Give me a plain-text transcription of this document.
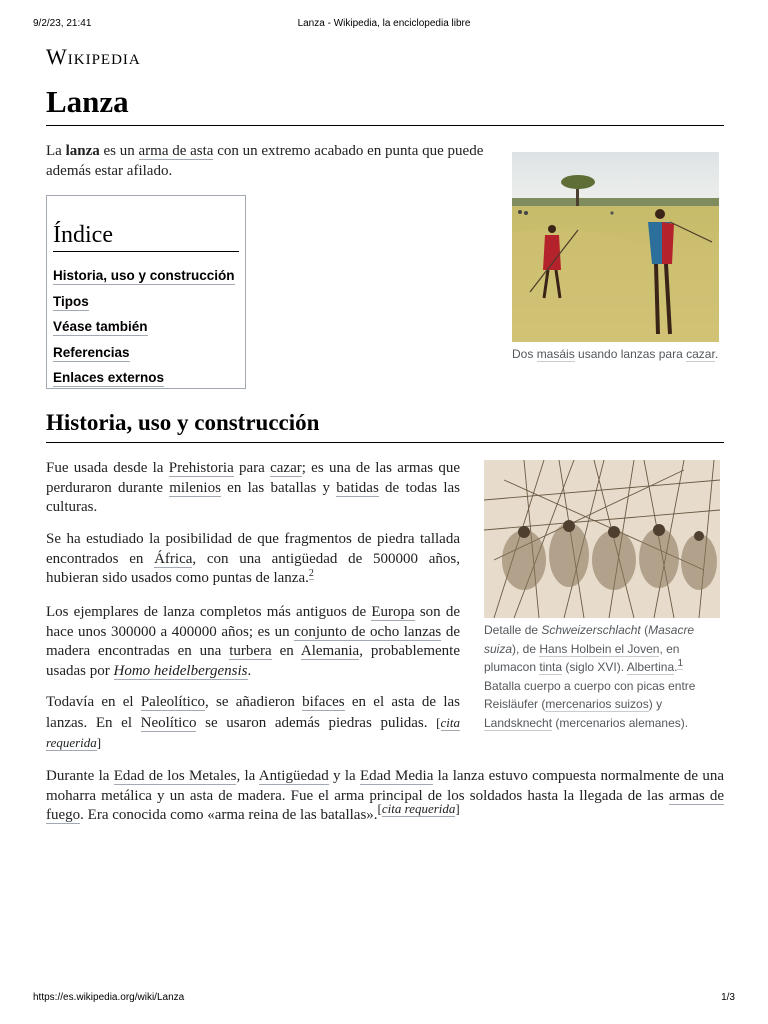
9/2/23, 21:41	Lanza - Wikipedia, la enciclopedia libre
Wikipedia
Lanza
La lanza es un arma de asta con un extremo acabado en punta que puede además estar afilado.
Índice
Historia, uso y construcción
Tipos
Véase también
Referencias
Enlaces externos
Dos masáis usando lanzas para cazar.
Historia, uso y construcción
Fue usada desde la Prehistoria para cazar; es una de las armas que perduraron durante milenios en las batallas y batidas de todas las culturas.
Se ha estudiado la posibilidad de que fragmentos de piedra tallada encontrados en África, con una antigüedad de 500000 años, hubieran sido usados como puntas de lanza.$^2$
Los ejemplares de lanza completos más antiguos de Europa son de hace unos 300000 a 400000 años; es un conjunto de ocho lanzas de madera encontradas en una turbera en Alemania, probablemente usadas por Homo heidelbergensis.
Todavía en el Paleolítico, se añadieron bifaces en el asta de las lanzas. En el Neolítico se usaron además piedras pulidas. [cita requerida]
Durante la Edad de los Metales, la Antigüedad y la Edad Media la lanza estuvo compuesta normalmente de una moharra metálica y un asta de madera. Fue el arma principal de los soldados hasta la llegada de las armas de fuego. Era conocida como «arma reina de las batallas».[cita requerida]
Detalle de Schweizerschlacht (Masacre suiza), de Hans Holbein el Joven, en plumacon tinta (siglo XVI). Albertina.$^1$ Batalla cuerpo a cuerpo con picas entre Reisläufer (mercenarios suizos) y Landsknecht (mercenarios alemanes).
https://es.wikipedia.org/wiki/Lanza	1/3
